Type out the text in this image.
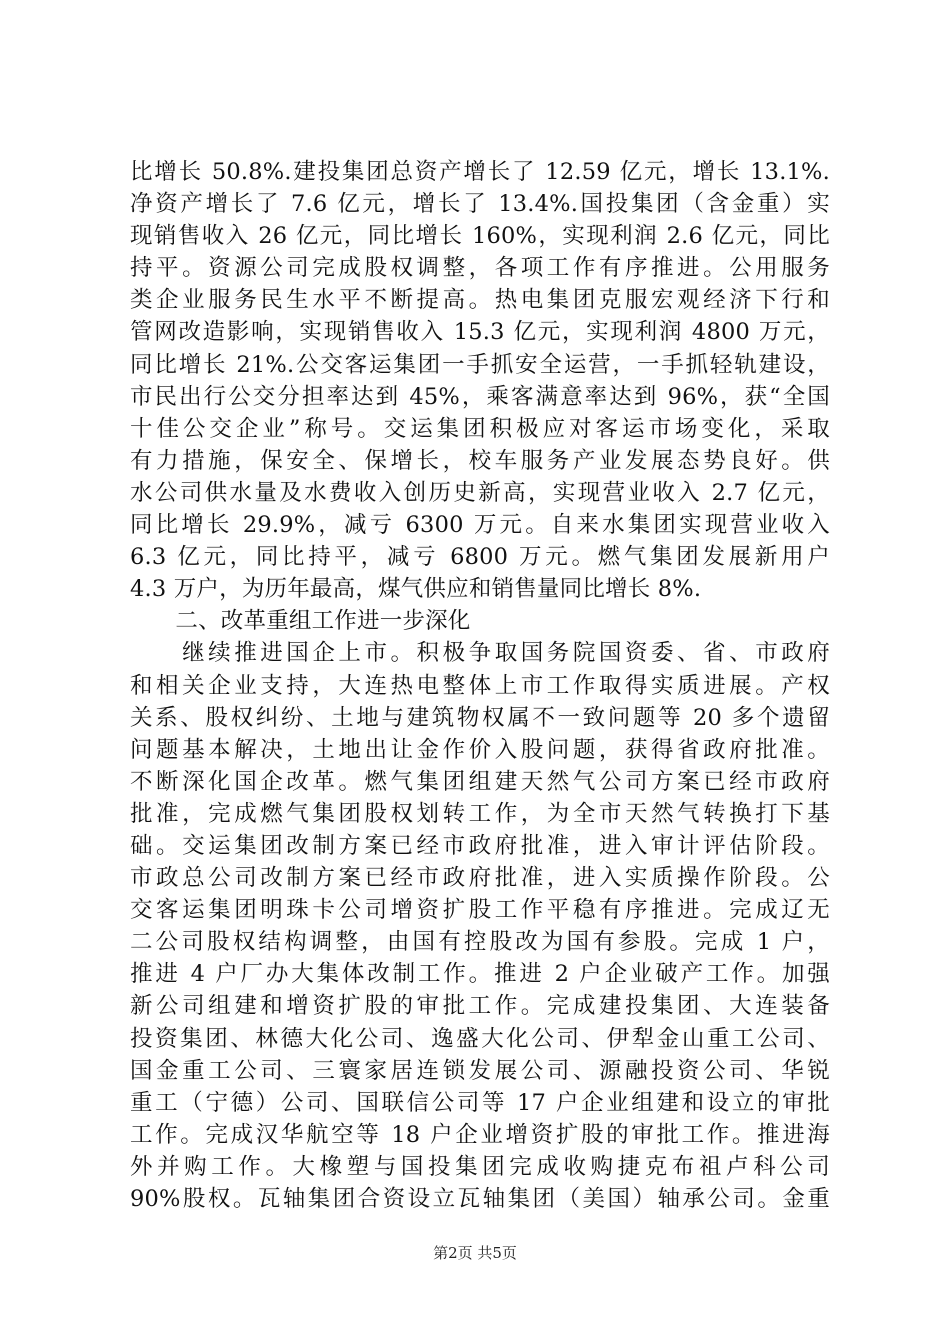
比增长 50.8%.建投集团总资产增长了 12.59 亿元，增长 13.1%.
净资产增长了 7.6 亿元，增长了 13.4%.国投集团（含金重）实
现销售收入 26 亿元，同比增长 160%，实现利润 2.6 亿元，同比
持平。资源公司完成股权调整，各项工作有序推进。公用服务
类企业服务民生水平不断提高。热电集团克服宏观经济下行和
管网改造影响，实现销售收入 15.3 亿元，实现利润 4800 万元，
同比增长 21%.公交客运集团一手抓安全运营，一手抓轻轨建设，
市民出行公交分担率达到 45%，乘客满意率达到 96%，获“全国
十佳公交企业”称号。交运集团积极应对客运市场变化，采取
有力措施，保安全、保增长，校车服务产业发展态势良好。供
水公司供水量及水费收入创历史新高，实现营业收入 2.7 亿元，
同比增长 29.9%，减亏 6300 万元。自来水集团实现营业收入
6.3 亿元，同比持平，减亏 6800 万元。燃气集团发展新用户
4.3 万户，为历年最高，煤气供应和销售量同比增长 8%.
　　二、改革重组工作进一步深化
　　继续推进国企上市。积极争取国务院国资委、省、市政府
和相关企业支持，大连热电整体上市工作取得实质进展。产权
关系、股权纠纷、土地与建筑物权属不一致问题等 20 多个遗留
问题基本解决，土地出让金作价入股问题，获得省政府批准。
不断深化国企改革。燃气集团组建天然气公司方案已经市政府
批准，完成燃气集团股权划转工作，为全市天然气转换打下基
础。交运集团改制方案已经市政府批准，进入审计评估阶段。
市政总公司改制方案已经市政府批准，进入实质操作阶段。公
交客运集团明珠卡公司增资扩股工作平稳有序推进。完成辽无
二公司股权结构调整，由国有控股改为国有参股。完成 1 户，
推进 4 户厂办大集体改制工作。推进 2 户企业破产工作。加强
新公司组建和增资扩股的审批工作。完成建投集团、大连装备
投资集团、林德大化公司、逸盛大化公司、伊犁金山重工公司、
国金重工公司、三寰家居连锁发展公司、源融投资公司、华锐
重工（宁德）公司、国联信公司等 17 户企业组建和设立的审批
工作。完成汉华航空等 18 户企业增资扩股的审批工作。推进海
外并购工作。大橡塑与国投集团完成收购捷克布祖卢科公司
90%股权。瓦轴集团合资设立瓦轴集团（美国）轴承公司。金重
第2页 共5页
